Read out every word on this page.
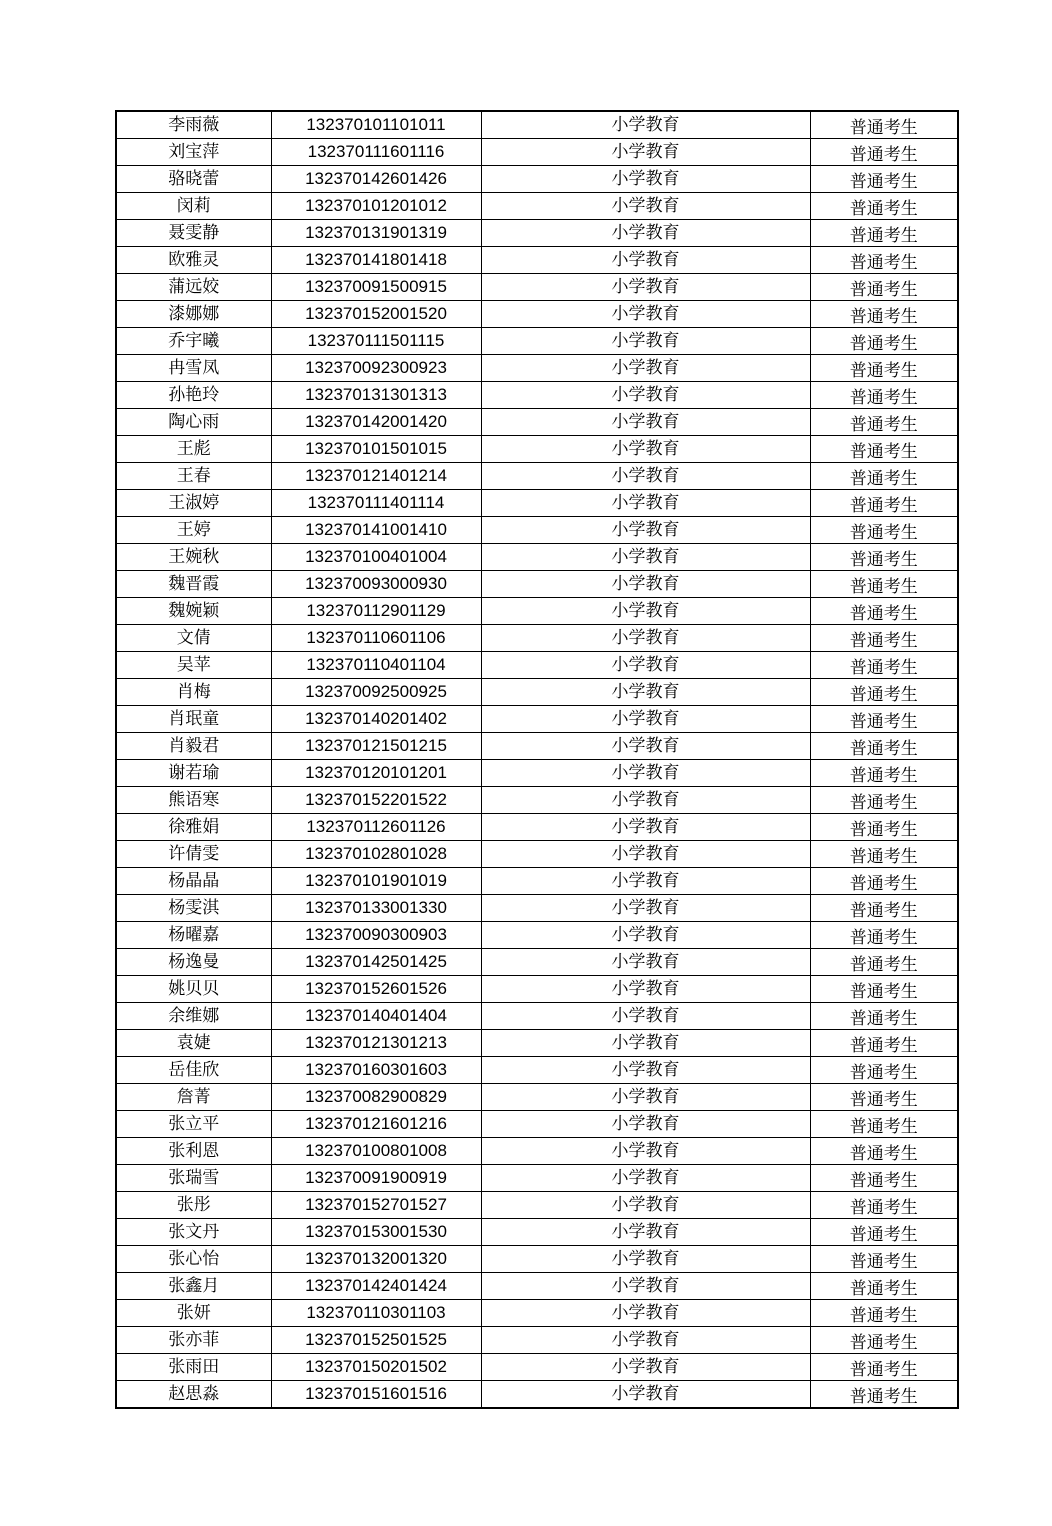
李雨薇	132370101101011	小学教育	普通考生
刘宝萍	132370111601116	小学教育	普通考生
骆晓蕾	132370142601426	小学教育	普通考生
闵莉	132370101201012	小学教育	普通考生
聂雯静	132370131901319	小学教育	普通考生
欧雅灵	132370141801418	小学教育	普通考生
蒲远姣	132370091500915	小学教育	普通考生
漆娜娜	132370152001520	小学教育	普通考生
乔宇曦	132370111501115	小学教育	普通考生
冉雪凤	132370092300923	小学教育	普通考生
孙艳玲	132370131301313	小学教育	普通考生
陶心雨	132370142001420	小学教育	普通考生
王彪	132370101501015	小学教育	普通考生
王春	132370121401214	小学教育	普通考生
王淑婷	132370111401114	小学教育	普通考生
王婷	132370141001410	小学教育	普通考生
王婉秋	132370100401004	小学教育	普通考生
魏晋霞	132370093000930	小学教育	普通考生
魏婉颖	132370112901129	小学教育	普通考生
文倩	132370110601106	小学教育	普通考生
吴苹	132370110401104	小学教育	普通考生
肖梅	132370092500925	小学教育	普通考生
肖珉童	132370140201402	小学教育	普通考生
肖毅君	132370121501215	小学教育	普通考生
谢若瑜	132370120101201	小学教育	普通考生
熊语寒	132370152201522	小学教育	普通考生
徐雅娟	132370112601126	小学教育	普通考生
许倩雯	132370102801028	小学教育	普通考生
杨晶晶	132370101901019	小学教育	普通考生
杨雯淇	132370133001330	小学教育	普通考生
杨曜嘉	132370090300903	小学教育	普通考生
杨逸曼	132370142501425	小学教育	普通考生
姚贝贝	132370152601526	小学教育	普通考生
余维娜	132370140401404	小学教育	普通考生
袁婕	132370121301213	小学教育	普通考生
岳佳欣	132370160301603	小学教育	普通考生
詹菁	132370082900829	小学教育	普通考生
张立平	132370121601216	小学教育	普通考生
张利恩	132370100801008	小学教育	普通考生
张瑞雪	132370091900919	小学教育	普通考生
张彤	132370152701527	小学教育	普通考生
张文丹	132370153001530	小学教育	普通考生
张心怡	132370132001320	小学教育	普通考生
张鑫月	132370142401424	小学教育	普通考生
张妍	132370110301103	小学教育	普通考生
张亦菲	132370152501525	小学教育	普通考生
张雨田	132370150201502	小学教育	普通考生
赵思淼	132370151601516	小学教育	普通考生
